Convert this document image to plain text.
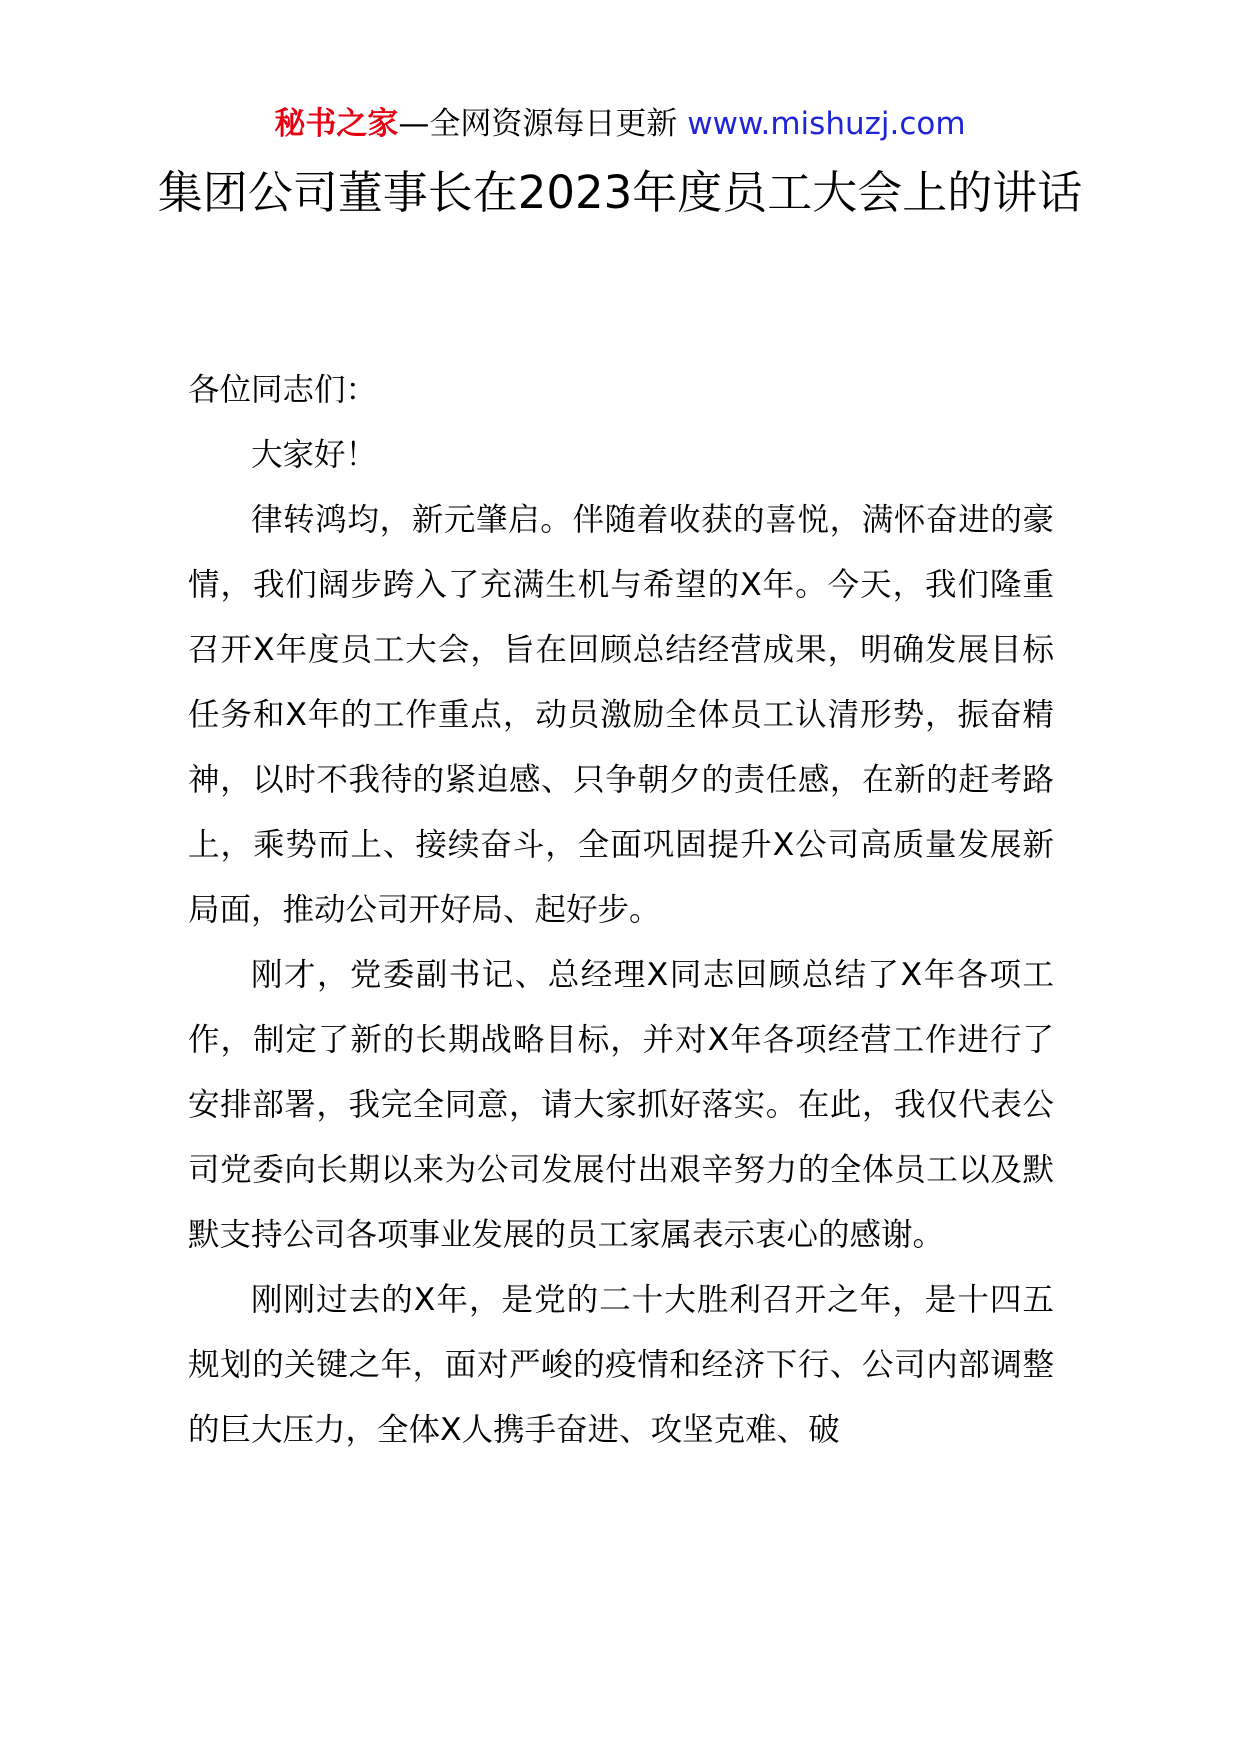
秘书之家—全网资源每日更新 www.mishuzj.com
集团公司董事长在2023年度员工大会上的讲话

各位同志们：

大家好！

律转鸿均，新元肇启。伴随着收获的喜悦，满怀奋进的豪情，我们阔步跨入了充满生机与希望的X年。今天，我们隆重召开X年度员工大会，旨在回顾总结经营成果，明确发展目标任务和X年的工作重点，动员激励全体员工认清形势，振奋精神，以时不我待的紧迫感、只争朝夕的责任感，在新的赶考路上，乘势而上、接续奋斗，全面巩固提升X公司高质量发展新局面，推动公司开好局、起好步。

刚才，党委副书记、总经理X同志回顾总结了X年各项工作，制定了新的长期战略目标，并对X年各项经营工作进行了安排部署，我完全同意，请大家抓好落实。在此，我仅代表公司党委向长期以来为公司发展付出艰辛努力的全体员工以及默默支持公司各项事业发展的员工家属表示衷心的感谢。

刚刚过去的X年，是党的二十大胜利召开之年，是十四五规划的关键之年，面对严峻的疫情和经济下行、公司内部调整的巨大压力，全体X人携手奋进、攻坚克难、破
